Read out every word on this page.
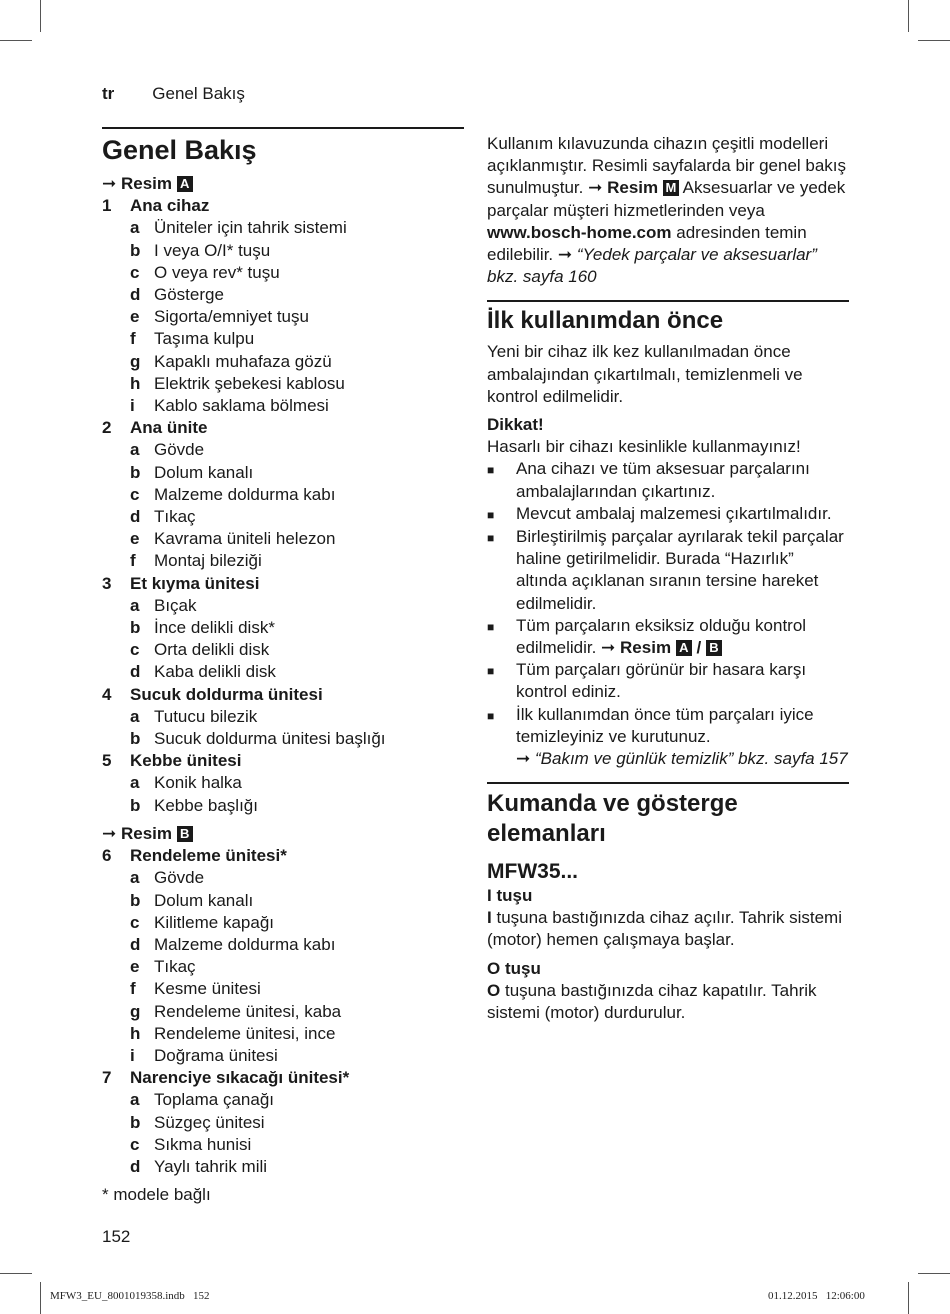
tr Genel Bakış
Genel Bakış
➞ Resim A
1	Ana cihaz
a Üniteler için tahrik sistemi
b I veya O/I* tuşu
c O veya rev* tuşu
d Gösterge
e Sigorta/emniyet tuşu
f	Taşıma kulpu
g Kapaklı muhafaza gözü
h Elektrik şebekesi kablosu
i	Kablo saklama bölmesi
2	Ana ünite
a Gövde
b Dolum kanalı
c Malzeme doldurma kabı
d Tıkaç
e Kavrama üniteli helezon
f	Montaj bileziği
3	Et kıyma ünitesi
a Bıçak
b İnce delikli disk*
c Orta delikli disk
d Kaba delikli disk
4	Sucuk doldurma ünitesi
a Tutucu bilezik
b Sucuk doldurma ünitesi başlığı
5	Kebbe ünitesi
a Konik halka
b Kebbe başlığı
➞ Resim B
6	Rendeleme ünitesi*
a Gövde
b Dolum kanalı
c Kilitleme kapağı
d Malzeme doldurma kabı
e Tıkaç
f	Kesme ünitesi
g Rendeleme ünitesi, kaba
h Rendeleme ünitesi, ince
i	Doğrama ünitesi
7	Narenciye sıkacağı ünitesi*
a Toplama çanağı
b Süzgeç ünitesi
c Sıkma hunisi
d Yaylı tahrik mili
* modele bağlı
152

Kullanım kılavuzunda cihazın çeşitli modelleri açıklanmıştır. Resimli sayfalarda bir genel bakış sunulmuştur. ➞ Resim M Aksesuarlar ve yedek parçalar müşteri hizmetlerinden veya www.bosch-home.com adresinden temin edilebilir. ➞ “Yedek parçalar ve aksesuarlar” bkz. sayfa 160

İlk kullanımdan önce

Yeni bir cihaz ilk kez kullanılmadan önce ambalajından çıkartılmalı, temizlenmeli ve kontrol edilmelidir.

Dikkat!

Hasarlı bir cihazı kesinlikle kullanmayınız!

■	Ana cihazı ve tüm aksesuar parçalarını ambalajlarından çıkartınız.
■	Mevcut ambalaj malzemesi çıkartılmalıdır.
■	Birleştirilmiş parçalar ayrılarak tekil parçalar haline getirilmelidir. Burada “Hazırlık” altında açıklanan sıranın tersine hareket edilmelidir.
■	Tüm parçaların eksiksiz olduğu kontrol edilmelidir. ➞ Resim A / B
■	Tüm parçaları görünür bir hasara karşı kontrol ediniz.
■	İlk kullanımdan önce tüm parçaları iyice temizleyiniz ve kurutunuz.
➞ “Bakım ve günlük temizlik” bkz. sayfa 157
Kumanda ve gösterge elemanları
MFW35...
I tuşu

I tuşuna bastığınızda cihaz açılır. Tahrik sistemi (motor) hemen çalışmaya başlar.

O tuşu

O tuşuna bastığınızda cihaz kapatılır. Tahrik sistemi (motor) durdurulur.

MFW3_EU_8001019358.indb   152	01.12.2015   12:06:00
